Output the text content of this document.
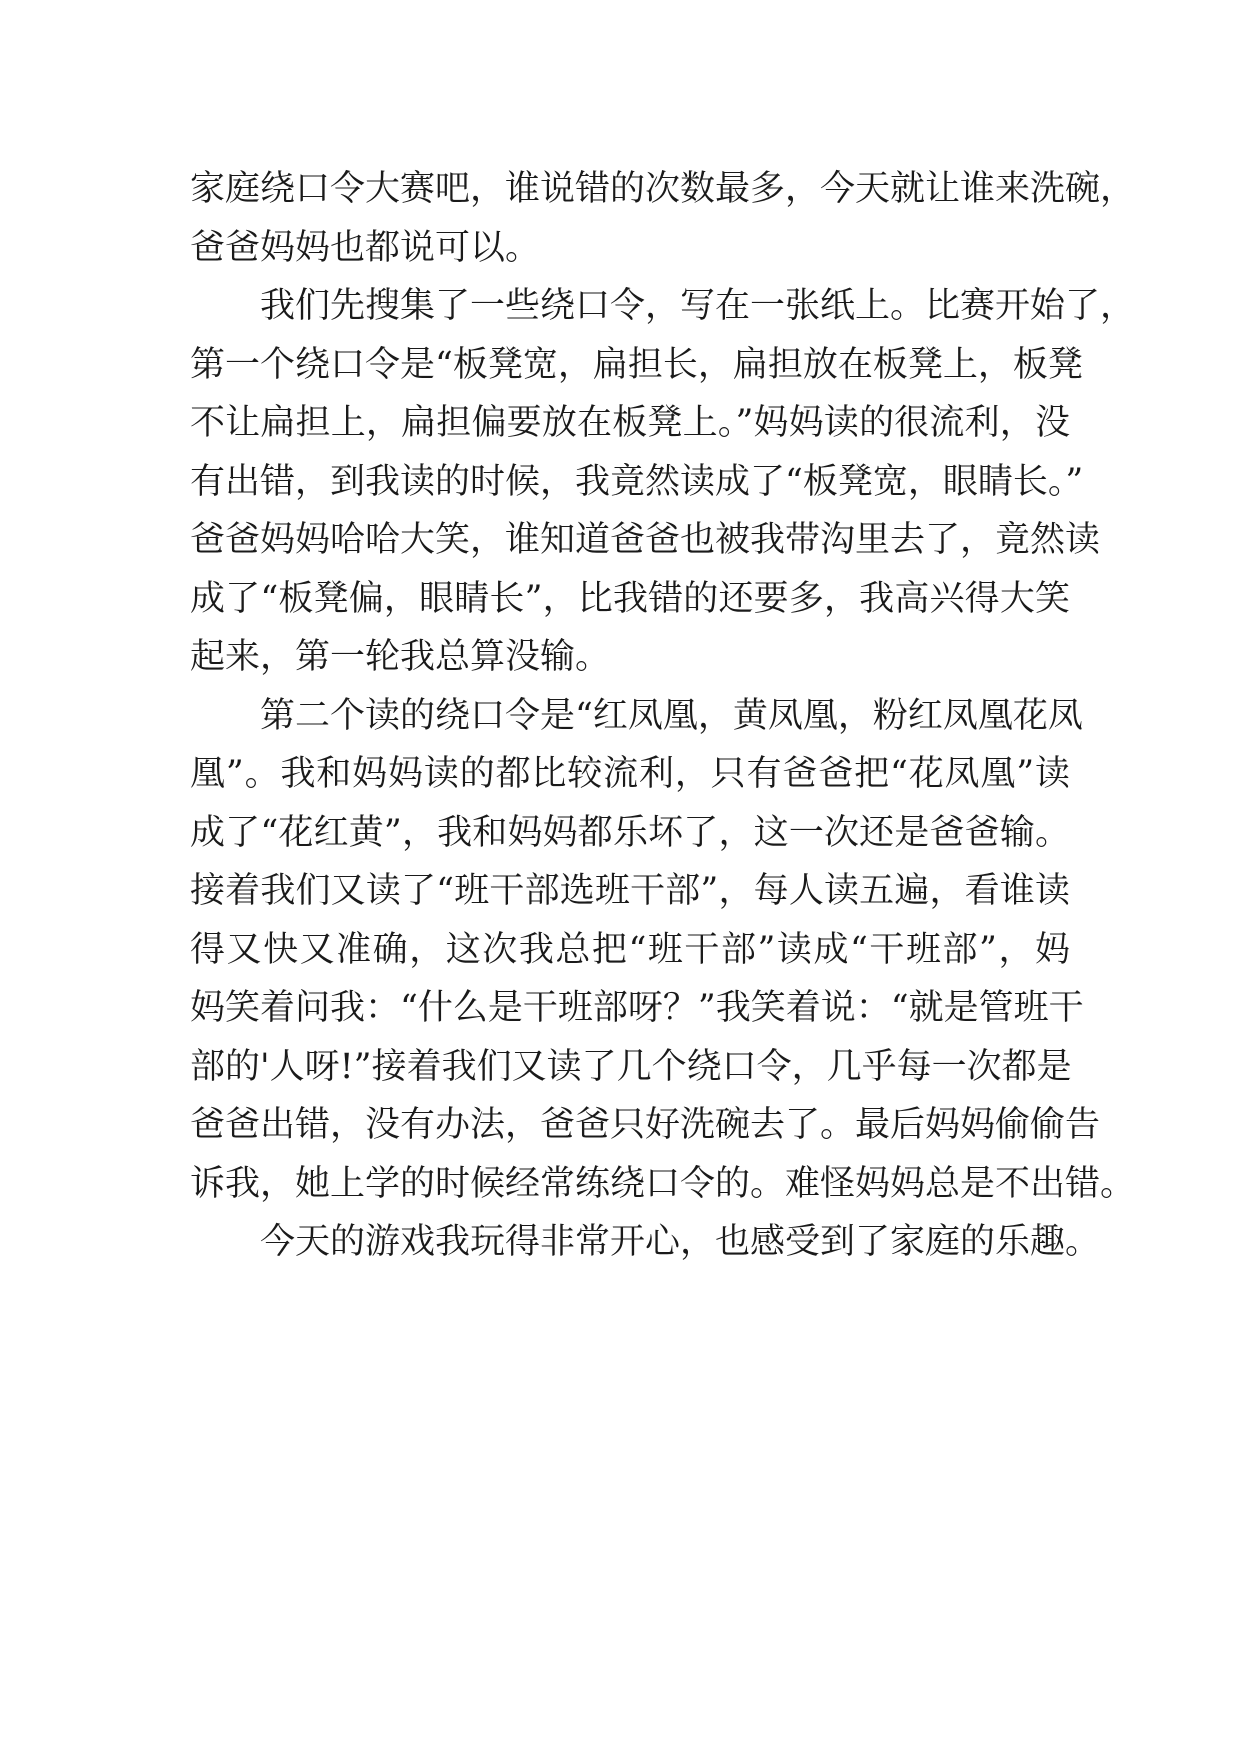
家庭绕口令大赛吧，谁说错的次数最多，今天就让谁来洗碗，
爸爸妈妈也都说可以。
我们先搜集了一些绕口令，写在一张纸上。比赛开始了，
第一个绕口令是“板凳宽，扁担长，扁担放在板凳上，板凳
不让扁担上，扁担偏要放在板凳上。”妈妈读的很流利，没
有出错，到我读的时候，我竟然读成了“板凳宽，眼睛长。”
爸爸妈妈哈哈大笑，谁知道爸爸也被我带沟里去了，竟然读
成了“板凳偏，眼睛长”，比我错的还要多，我高兴得大笑
起来，第一轮我总算没输。
第二个读的绕口令是“红凤凰，黄凤凰，粉红凤凰花凤
凰”。我和妈妈读的都比较流利，只有爸爸把“花凤凰”读
成了“花红黄”，我和妈妈都乐坏了，这一次还是爸爸输。
接着我们又读了“班干部选班干部”，每人读五遍，看谁读
得又快又准确，这次我总把“班干部”读成“干班部”，妈
妈笑着问我：“什么是干班部呀？”我笑着说：“就是管班干
部的'人呀!”接着我们又读了几个绕口令，几乎每一次都是
爸爸出错，没有办法，爸爸只好洗碗去了。最后妈妈偷偷告
诉我，她上学的时候经常练绕口令的。难怪妈妈总是不出错。
今天的游戏我玩得非常开心，也感受到了家庭的乐趣。
